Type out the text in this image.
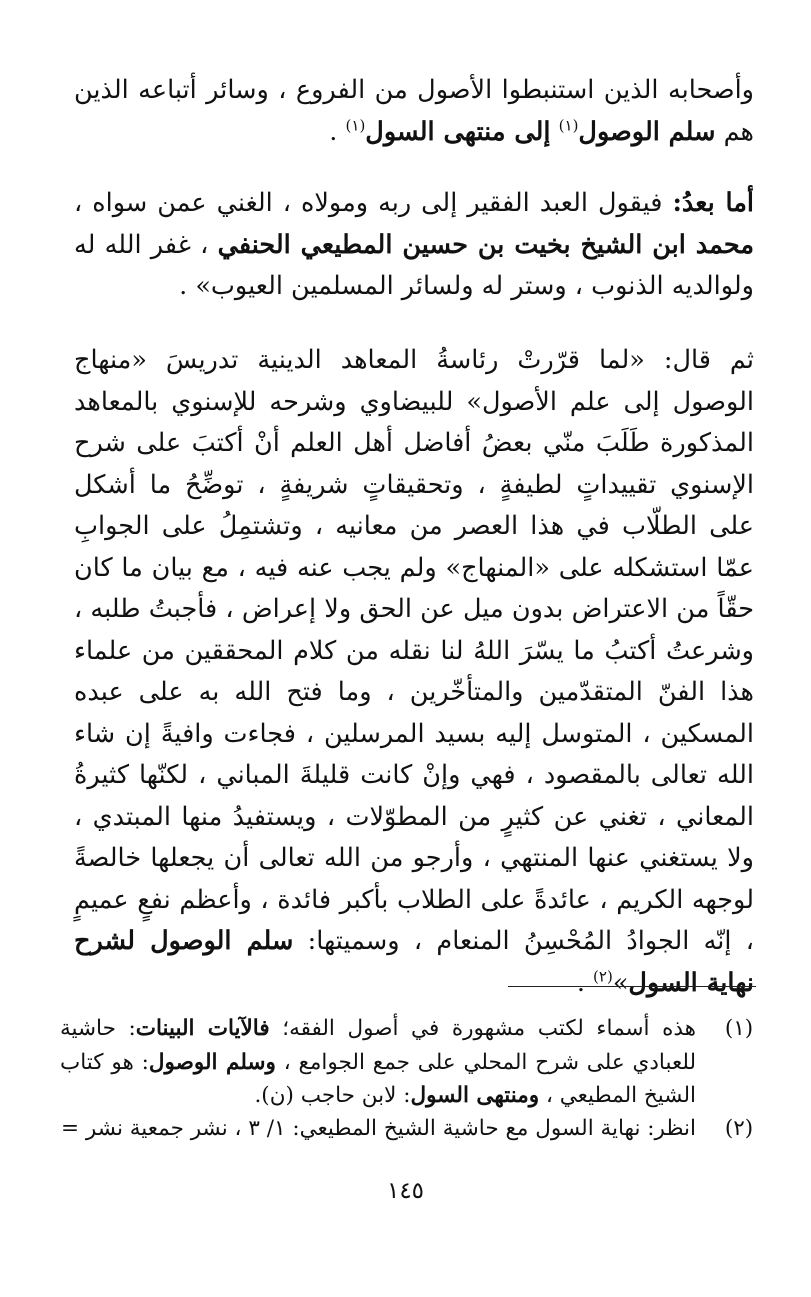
وأصحابه الذين استنبطوا الأصول من الفروع ، وسائر أتباعه الذين هم سلم الوصول$^{(١)}$ إلى منتهى السول$^{(١)}$ .

أما بعدُ: فيقول العبد الفقير إلى ربه ومولاه ، الغني عمن سواه ، محمد ابن الشيخ بخيت بن حسين المطيعي الحنفي ، غفر الله له ولوالديه الذنوب ، وستر له ولسائر المسلمين العيوب» .

ثم قال: «لما قرّرتْ رئاسةُ المعاهد الدينية تدريسَ «منهاج الوصول إلى علم الأصول» للبيضاوي وشرحه للإسنوي بالمعاهد المذكورة طَلَبَ منّي بعضُ أفاضل أهل العلم أنْ أكتبَ على شرح الإسنوي تقييداتٍ لطيفةٍ ، وتحقيقاتٍ شريفةٍ ، توضِّحُ ما أشكل على الطلّاب في هذا العصر من معانيه ، وتشتمِلُ على الجوابِ عمّا استشكله على «المنهاج» ولم يجب عنه فيه ، مع بيان ما كان حقّاً من الاعتراض بدون ميل عن الحق ولا إعراض ، فأجبتُ طلبه ، وشرعتُ أكتبُ ما يسّرَ اللهُ لنا نقله من كلام المحققين من علماء هذا الفنّ المتقدّمين والمتأخّرين ، وما فتح الله به على عبده المسكين ، المتوسل إليه بسيد المرسلين ، فجاءت وافيةً إن شاء الله تعالى بالمقصود ، فهي وإنْ كانت قليلةَ المباني ، لكنّها كثيرةُ المعاني ، تغني عن كثيرٍ من المطوّلات ، ويستفيدُ منها المبتدي ، ولا يستغني عنها المنتهي ، وأرجو من الله تعالى أن يجعلها خالصةً لوجهه الكريم ، عائدةً على الطلاب بأكبر فائدة ، وأعظم نفعٍ عميمٍ ، إنّه الجوادُ المُحْسِنُ المنعام ، وسميتها: سلم الوصول لشرح نهاية السول»$^{(٢)}$ .

(١)

هذه أسماء لكتب مشهورة في أصول الفقه؛ فالآيات البينات: حاشية للعبادي على شرح المحلي على جمع الجوامع ، وسلم الوصول: هو كتاب الشيخ المطيعي ، ومنتهى السول: لابن حاجب (ن).

(٢)

انظر: نهاية السول مع حاشية الشيخ المطيعي: ١/ ٣ ، نشر جمعية نشر =

١٤٥
